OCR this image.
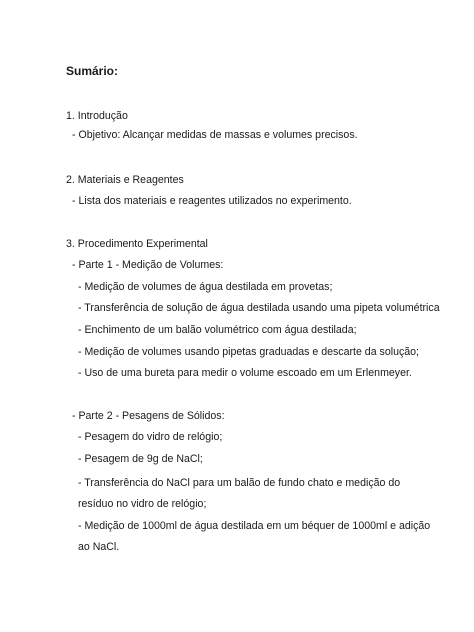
Sumário:
1. Introdução
- Objetivo: Alcançar medidas de massas e volumes precisos.
2. Materiais e Reagentes
- Lista dos materiais e reagentes utilizados no experimento.
3. Procedimento Experimental
- Parte 1 - Medição de Volumes:
- Medição de volumes de água destilada em provetas;
- Transferência de solução de água destilada usando uma pipeta volumétrica
- Enchimento de um balão volumétrico com água destilada;
- Medição de volumes usando pipetas graduadas e descarte da solução;
- Uso de uma bureta para medir o volume escoado em um Erlenmeyer.
- Parte 2 - Pesagens de Sólidos:
- Pesagem do vidro de relógio;
- Pesagem de 9g de NaCl;
- Transferência do NaCl para um balão de fundo chato e medição do resíduo no vidro de relógio;
- Medição de 1000ml de água destilada em um béquer de 1000ml e adição ao NaCl.
